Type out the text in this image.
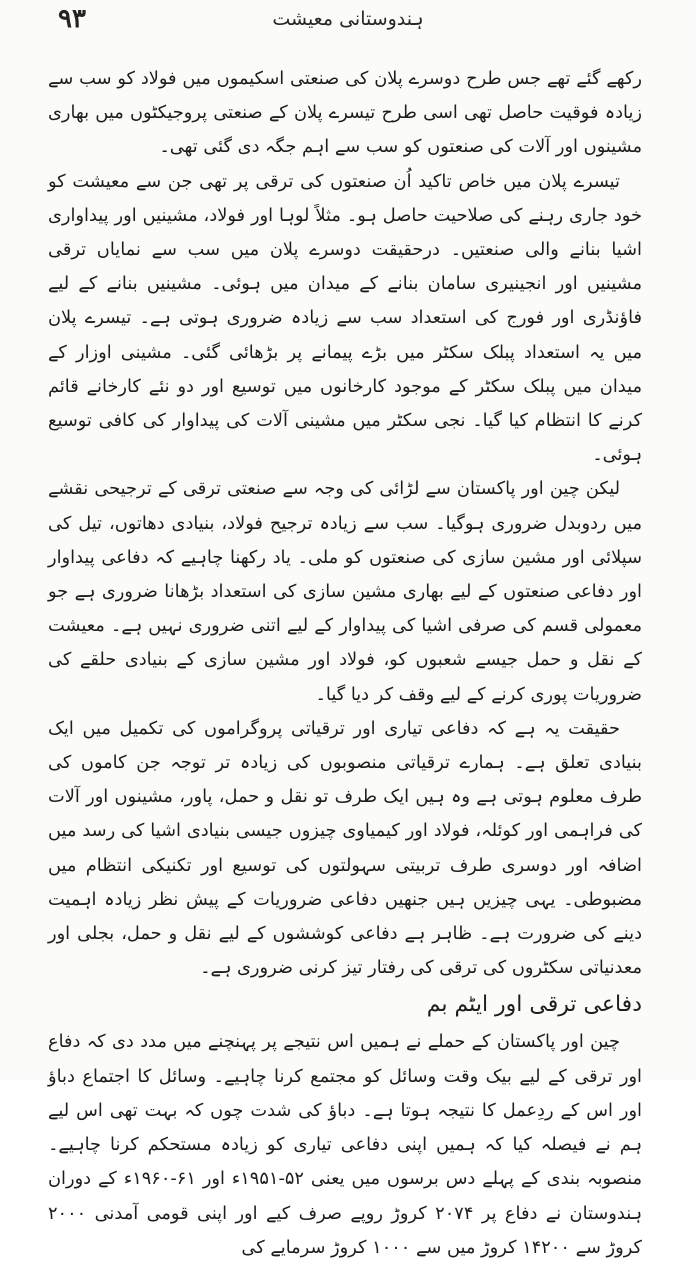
٩٣	ہندوستانی معیشت

رکھے گئے تھے جس طرح دوسرے پلان کی صنعتی اسکیموں میں فولاد کو سب سے زیادہ فوقیت حاصل تھی اسی طرح تیسرے پلان کے صنعتی پروجیکٹوں میں بھاری مشینوں اور آلات کی صنعتوں کو سب سے اہم جگہ دی گئی تھی۔

تیسرے پلان میں خاص تاکید اُن صنعتوں کی ترقی پر تھی جن سے معیشت کو خود جاری رہنے کی صلاحیت حاصل ہو۔ مثلاً لوہا اور فولاد، مشینیں اور پیداواری اشیا بنانے والی صنعتیں۔ درحقیقت دوسرے پلان میں سب سے نمایاں ترقی مشینیں اور انجینیری سامان بنانے کے میدان میں ہوئی۔ مشینیں بنانے کے لیے فاؤنڈری اور فورج کی استعداد سب سے زیادہ ضروری ہوتی ہے۔ تیسرے پلان میں یہ استعداد پبلک سکٹر میں بڑے پیمانے پر بڑھائی گئی۔ مشینی اوزار کے میدان میں پبلک سکٹر کے موجود کارخانوں میں توسیع اور دو نئے کارخانے قائم کرنے کا انتظام کیا گیا۔ نجی سکٹر میں مشینی آلات کی پیداوار کی کافی توسیع ہوئی۔

لیکن چین اور پاکستان سے لڑائی کی وجہ سے صنعتی ترقی کے ترجیحی نقشے میں ردوبدل ضروری ہوگیا۔ سب سے زیادہ ترجیح فولاد، بنیادی دھاتوں، تیل کی سپلائی اور مشین سازی کی صنعتوں کو ملی۔ یاد رکھنا چاہیے کہ دفاعی پیداوار اور دفاعی صنعتوں کے لیے بھاری مشین سازی کی استعداد بڑھانا ضروری ہے جو معمولی قسم کی صرفی اشیا کی پیداوار کے لیے اتنی ضروری نہیں ہے۔ معیشت کے نقل و حمل جیسے شعبوں کو، فولاد اور مشین سازی کے بنیادی حلقے کی ضروریات پوری کرنے کے لیے وقف کر دیا گیا۔

حقیقت یہ ہے کہ دفاعی تیاری اور ترقیاتی پروگراموں کی تکمیل میں ایک بنیادی تعلق ہے۔ ہمارے ترقیاتی منصوبوں کی زیادہ تر توجہ جن کاموں کی طرف معلوم ہوتی ہے وہ ہیں ایک طرف تو نقل و حمل، پاور، مشینوں اور آلات کی فراہمی اور کوئلہ، فولاد اور کیمیاوی چیزوں جیسی بنیادی اشیا کی رسد میں اضافہ اور دوسری طرف تربیتی سہولتوں کی توسیع اور تکنیکی انتظام میں مضبوطی۔ یہی چیزیں ہیں جنھیں دفاعی ضروریات کے پیش نظر زیادہ اہمیت دینے کی ضرورت ہے۔ ظاہر ہے دفاعی کوششوں کے لیے نقل و حمل، بجلی اور معدنیاتی سکٹروں کی ترقی کی رفتار تیز کرنی ضروری ہے۔

دفاعی ترقی اور ایٹم بم

چین اور پاکستان کے حملے نے ہمیں اس نتیجے پر پہنچنے میں مدد دی کہ دفاع اور ترقی کے لیے بیک وقت وسائل کو مجتمع کرنا چاہیے۔ وسائل کا اجتماع دباؤ اور اس کے ردِعمل کا نتیجہ ہوتا ہے۔ دباؤ کی شدت چوں کہ بہت تھی اس لیے ہم نے فیصلہ کیا کہ ہمیں اپنی دفاعی تیاری کو زیادہ مستحکم کرنا چاہیے۔ منصوبہ بندی کے پہلے دس برسوں میں یعنی ۵۲-۱۹۵۱ء اور ۶۱-۱۹۶۰ء کے دوران ہندوستان نے دفاع پر ۲۰۷۴ کروڑ روپے صرف کیے اور اپنی قومی آمدنی ۲۰۰۰ کروڑ سے ۱۴۲۰۰ کروڑ میں سے ۱۰۰۰ کروڑ سرمایے کی
